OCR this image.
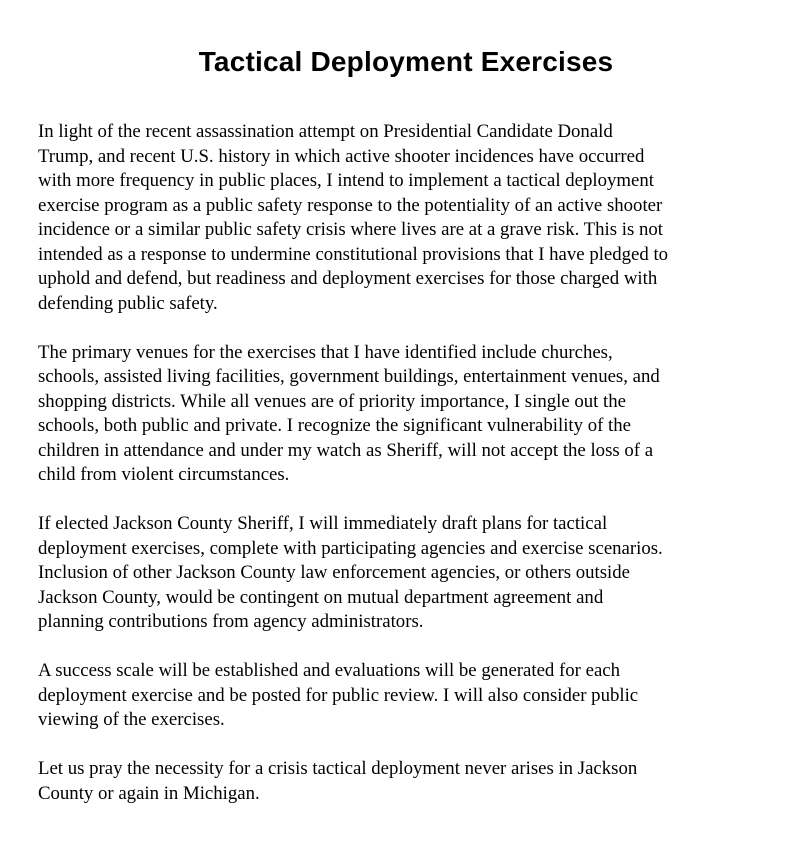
Tactical Deployment Exercises

In light of the recent assassination attempt on Presidential Candidate Donald
Trump, and recent U.S. history in which active shooter incidences have occurred
with more frequency in public places, I intend to implement a tactical deployment
exercise program as a public safety response to the potentiality of an active shooter
incidence or a similar public safety crisis where lives are at a grave risk. This is not
intended as a response to undermine constitutional provisions that I have pledged to
uphold and defend, but readiness and deployment exercises for those charged with
defending public safety.

The primary venues for the exercises that I have identified include churches,
schools, assisted living facilities, government buildings, entertainment venues, and
shopping districts. While all venues are of priority importance, I single out the
schools, both public and private. I recognize the significant vulnerability of the
children in attendance and under my watch as Sheriff, will not accept the loss of a
child from violent circumstances.

If elected Jackson County Sheriff, I will immediately draft plans for tactical
deployment exercises, complete with participating agencies and exercise scenarios.
Inclusion of other Jackson County law enforcement agencies, or others outside
Jackson County, would be contingent on mutual department agreement and
planning contributions from agency administrators.

A success scale will be established and evaluations will be generated for each
deployment exercise and be posted for public review. I will also consider public
viewing of the exercises.

Let us pray the necessity for a crisis tactical deployment never arises in Jackson
County or again in Michigan.
